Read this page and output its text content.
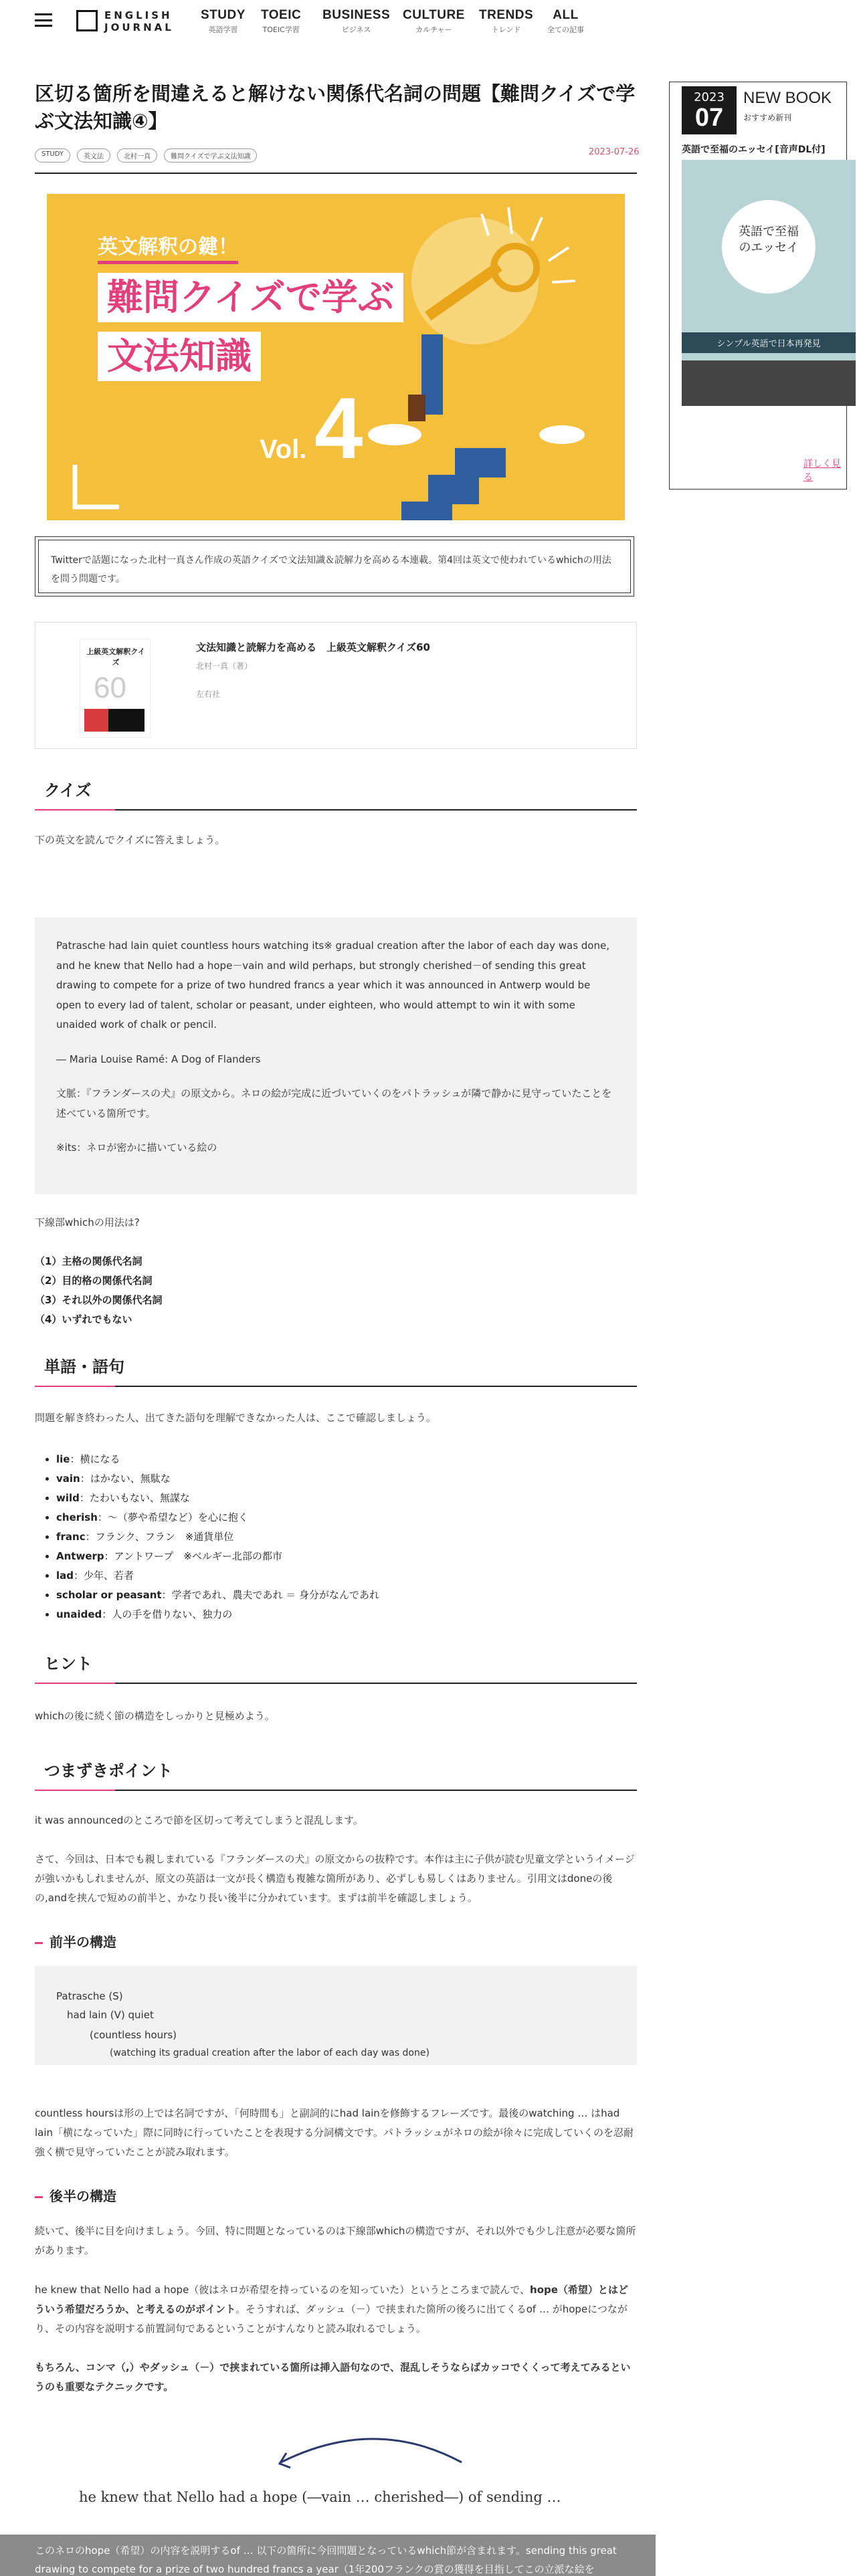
ENGLISH
JOURNAL
STUDY
英語学習
TOEIC
TOEIC学習
BUSINESS
ビジネス
CULTURE
カルチャー
TRENDS
トレンド
ALL
全ての記事
区切る箇所を間違えると解けない関係代名詞の問題【難問クイズで学ぶ文法知識④】
STUDY	英文法	北村一真	難問クイズで学ぶ文法知識	2023-07-26
英文解釈の鍵！
難問クイズで学ぶ
文法知識
Vol. 4
Twitterで話題になった北村一真さん作成の英語クイズで文法知識＆読解力を高める本連載。第4回は英文で使われているwhichの用法を問う問題です。
上級英文解釈クイズ
60
文法知識と読解力を高める　上級英文解釈クイズ60
北村一真（著）
左右社
クイズ
下の英文を読んでクイズに答えましょう。
Patrasche had lain quiet countless hours watching its※ gradual creation after the labor of each day was done, and he knew that Nello had a hope－vain and wild perhaps, but strongly cherished－of sending this great drawing to compete for a prize of two hundred francs a year which it was announced in Antwerp would be open to every lad of talent, scholar or peasant, under eighteen, who would attempt to win it with some unaided work of chalk or pencil.
― Maria Louise Ramé: A Dog of Flanders
文脈：『フランダースの犬』の原文から。ネロの絵が完成に近づいていくのをパトラッシュが隣で静かに見守っていたことを述べている箇所です。
※its：ネロが密かに描いている絵の
下線部whichの用法は?
（1）主格の関係代名詞
（2）目的格の関係代名詞
（3）それ以外の関係代名詞
（4）いずれでもない
単語・語句
問題を解き終わった人、出てきた語句を理解できなかった人は、ここで確認しましょう。
• lie：横になる
• vain：はかない、無駄な
• wild：たわいもない、無謀な
• cherish：～（夢や希望など）を心に抱く
• franc：フランク、フラン　※通貨単位
• Antwerp：アントワープ　※ベルギー北部の都市
• lad：少年、若者
• scholar or peasant：学者であれ、農夫であれ ＝ 身分がなんであれ
• unaided：人の手を借りない、独力の
ヒント
whichの後に続く節の構造をしっかりと見極めよう。
つまずきポイント
it was announcedのところで節を区切って考えてしまうと混乱します。
さて、今回は、日本でも親しまれている『フランダースの犬』の原文からの抜粋です。本作は主に子供が読む児童文学というイメージが強いかもしれませんが、原文の英語は一文が長く構造も複雑な箇所があり、必ずしも易しくはありません。引用文はdoneの後の,andを挟んで短めの前半と、かなり長い後半に分かれています。まずは前半を確認しましょう。
前半の構造
Patrasche (S)
had lain (V) quiet
(countless hours)
(watching its gradual creation after the labor of each day was done)
countless hoursは形の上では名詞ですが、「何時間も」と副詞的にhad lainを修飾するフレーズです。最後のwatching … はhad lain「横になっていた」際に同時に行っていたことを表現する分詞構文です。パトラッシュがネロの絵が徐々に完成していくのを忍耐強く横で見守っていたことが読み取れます。
後半の構造
続いて、後半に目を向けましょう。今回、特に問題となっているのは下線部whichの構造ですが、それ以外でも少し注意が必要な箇所があります。
he knew that Nello had a hope（彼はネロが希望を持っているのを知っていた）というところまで読んで、hope（希望）とはどういう希望だろうか、と考えるのがポイント。そうすれば、ダッシュ（－）で挟まれた箇所の後ろに出てくるof … がhopeにつながり、その内容を説明する前置詞句であるということがすんなりと読み取れるでしょう。
もちろん、コンマ（,）やダッシュ（－）で挟まれている箇所は挿入語句なので、混乱しそうならばカッコでくくって考えてみるというのも重要なテクニックです。
he knew that Nello had a hope (―vain … cherished―) of sending …
このネロのhope（希望）の内容を説明するof … 以下の箇所に今回問題となっているwhich節が含まれます。sending this great drawing to compete for a prize of two hundred francs a year（1年200フランクの賞の獲得を目指してこの立派な絵を
2023
07
NEW BOOK
おすすめ新刊
英語で至福のエッセイ[音声DL付]
英語で至福のエッセイ
シンプル英語で日本再発見
詳しく見る
